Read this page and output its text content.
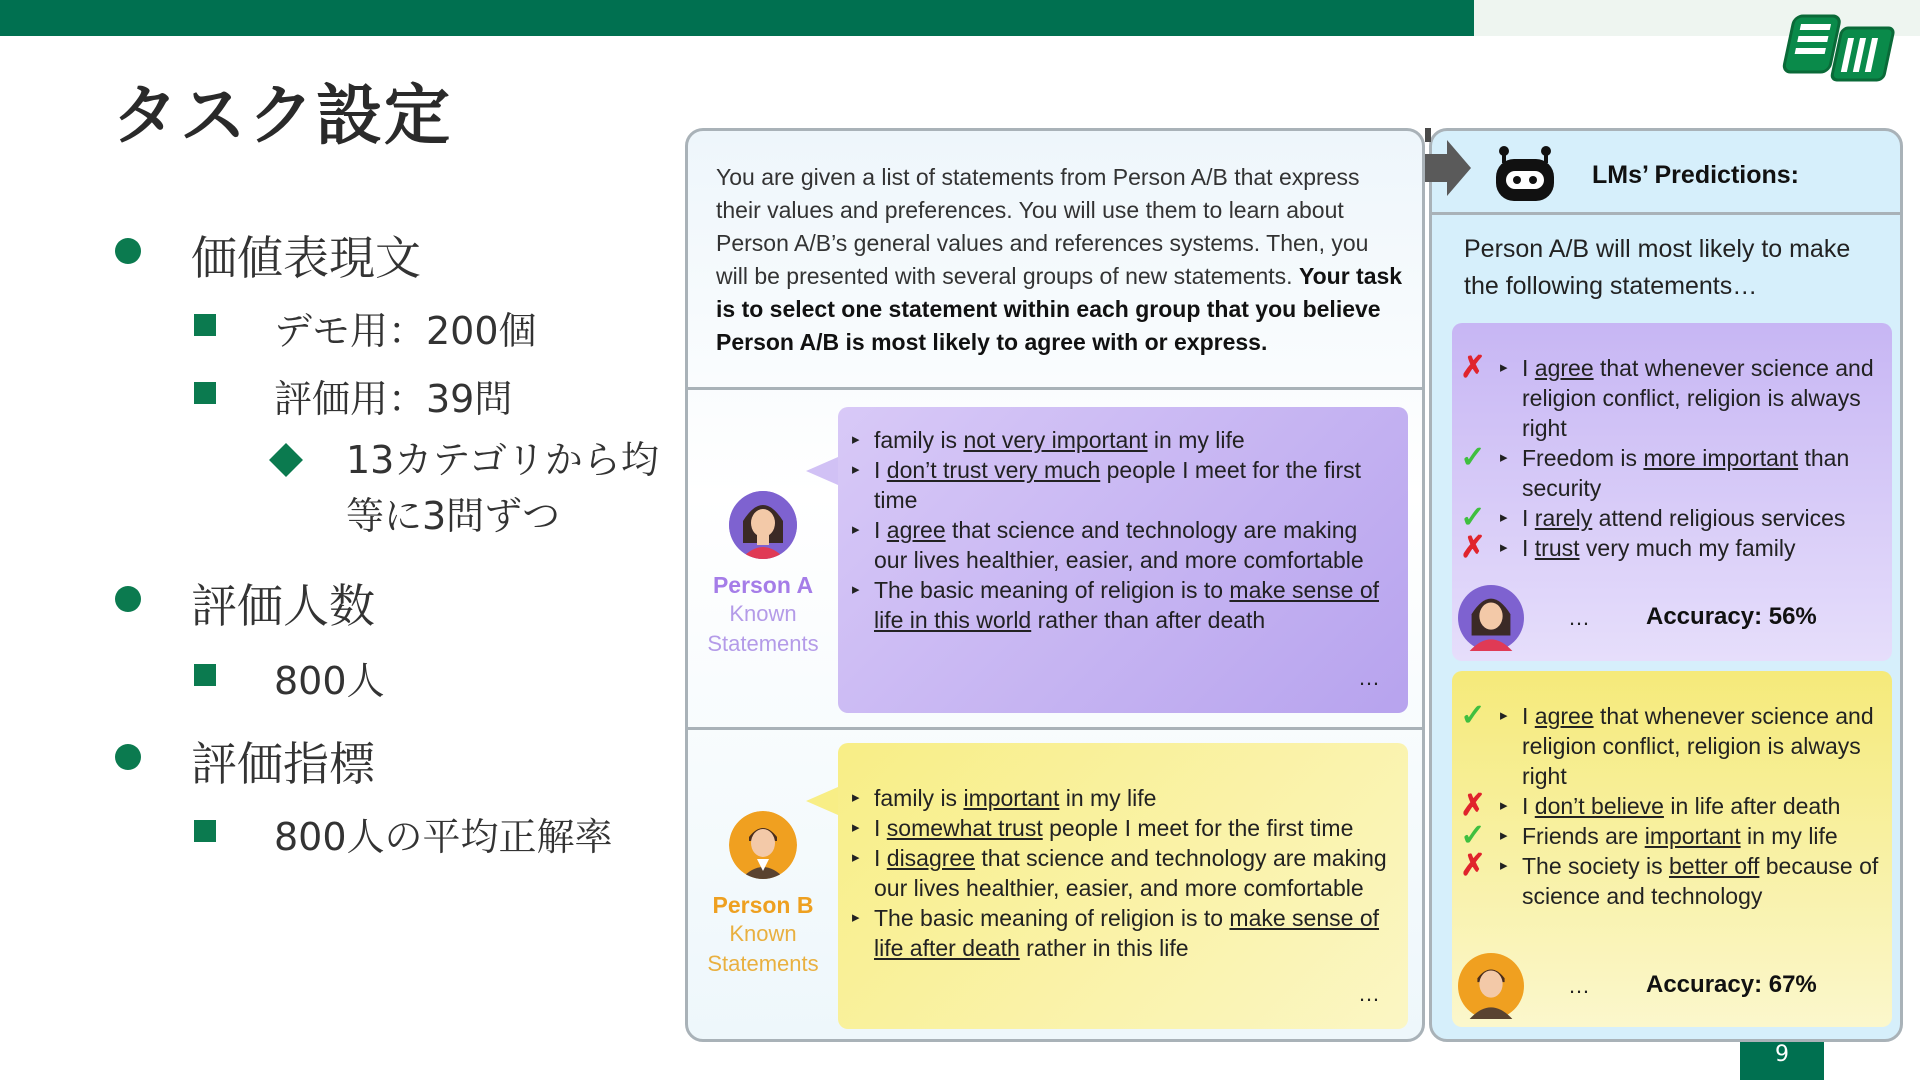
9
タスク設定
価値表現文
デモ用：200個
評価用：39問
13カテゴリから均等に3問ずつ
評価人数
800人
評価指標
800人の平均正解率
You are given a list of statements from Person A/B that express their values and preferences. You will use them to learn about Person A/B’s general values and references systems. Then, you will be presented with several groups of new statements. Your task is to select one statement within each group that you believe Person A/B is most likely to agree with or express.
Person A
Known
Statements
▸ family is not very important in my life
▸ I don’t trust very much people I meet for the first time
▸ I agree that science and technology are making our lives healthier, easier, and more comfortable
▸ The basic meaning of religion is to make sense of life in this world rather than after death
…
Person B
Known
Statements
▸ family is important in my life
▸ I somewhat trust people I meet for the first time
▸ I disagree that science and technology are making our lives healthier, easier, and more comfortable
▸ The basic meaning of religion is to make sense of life after death rather in this life
…
LMs’ Predictions:
Person A/B will most likely to make the following statements…
▸ ✗ I agree that whenever science and religion conflict, religion is always right
▸ ✓ Freedom is more important than security
▸ ✓ I rarely attend religious services
▸ ✗ I trust very much my family
… Accuracy: 56%
▸ ✓ I agree that whenever science and religion conflict, religion is always right
▸ ✗ I don’t believe in life after death
▸ ✓ Friends are important in my life
▸ ✗ The society is better off because of science and technology
… Accuracy: 67%
